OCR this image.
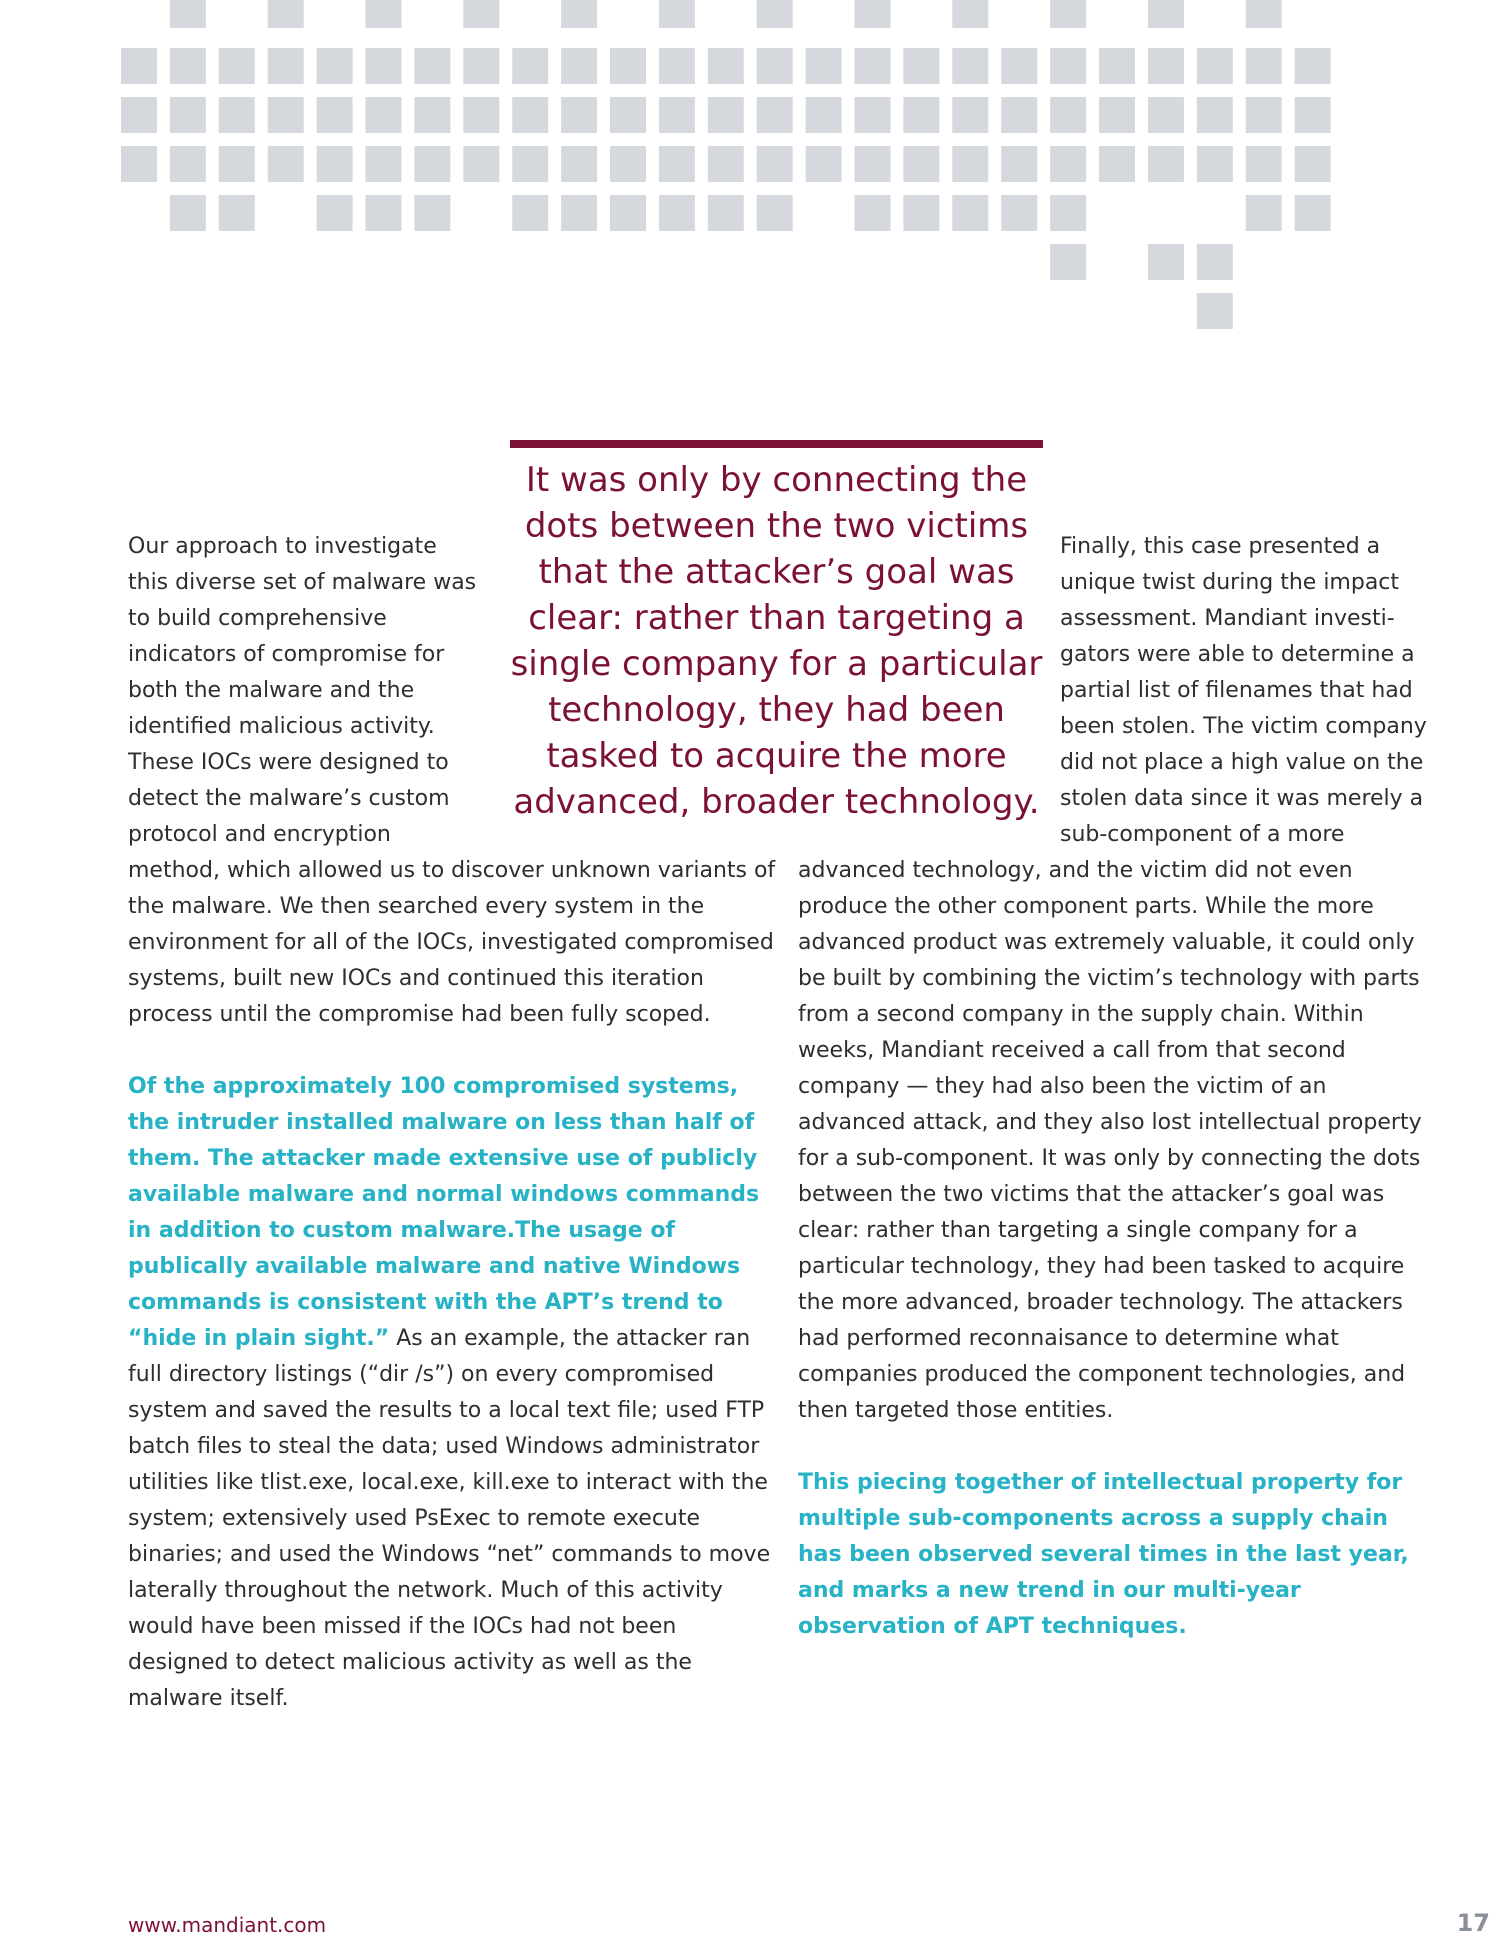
Our approach to investigate this diverse set of malware was to build comprehensive indicators of compromise for both the malware and the identified malicious activity. These IOCs were designed to detect the malware’s custom protocol and encryption method, which allowed us to discover unknown variants of the malware. We then searched every system in the environment for all of the IOCs, investigated compromised systems, built new IOCs and continued this iteration process until the compromise had been fully scoped.

Of the approximately 100 compromised systems, the intruder installed malware on less than half of them. The attacker made extensive use of publicly available malware and normal windows commands in addition to custom malware.The usage of publically available malware and native Windows commands is consistent with the APT’s trend to “hide in plain sight.” As an example, the attacker ran full directory listings (“dir /s”) on every compromised system and saved the results to a local text file; used FTP batch files to steal the data; used Windows administrator utilities like tlist.exe, local.exe, kill.exe to interact with the system; extensively used PsExec to remote execute binaries; and used the Windows “net” commands to move laterally throughout the network. Much of this activity would have been missed if the IOCs had not been designed to detect malicious activity as well as the malware itself.

It was only by connecting the dots between the two victims that the attacker’s goal was clear: rather than targeting a single company for a particular technology, they had been tasked to acquire the more advanced, broader technology.

Finally, this case presented a unique twist during the impact assessment. Mandiant investi-gators were able to determine a partial list of filenames that had been stolen. The victim company did not place a high value on the stolen data since it was merely a sub-component of a more advanced technology, and the victim did not even produce the other component parts. While the more advanced product was extremely valuable, it could only be built by combining the victim’s technology with parts from a second company in the supply chain. Within weeks, Mandiant received a call from that second company — they had also been the victim of an advanced attack, and they also lost intellectual property for a sub-component. It was only by connecting the dots between the two victims that the attacker’s goal was clear: rather than targeting a single company for a particular technology, they had been tasked to acquire the more advanced, broader technology. The attackers had performed reconnaisance to determine what companies produced the component technologies, and then targeted those entities.

This piecing together of intellectual property for multiple sub-components across a supply chain has been observed several times in the last year, and marks a new trend in our multi-year observation of APT techniques.

www.mandiant.com	17
